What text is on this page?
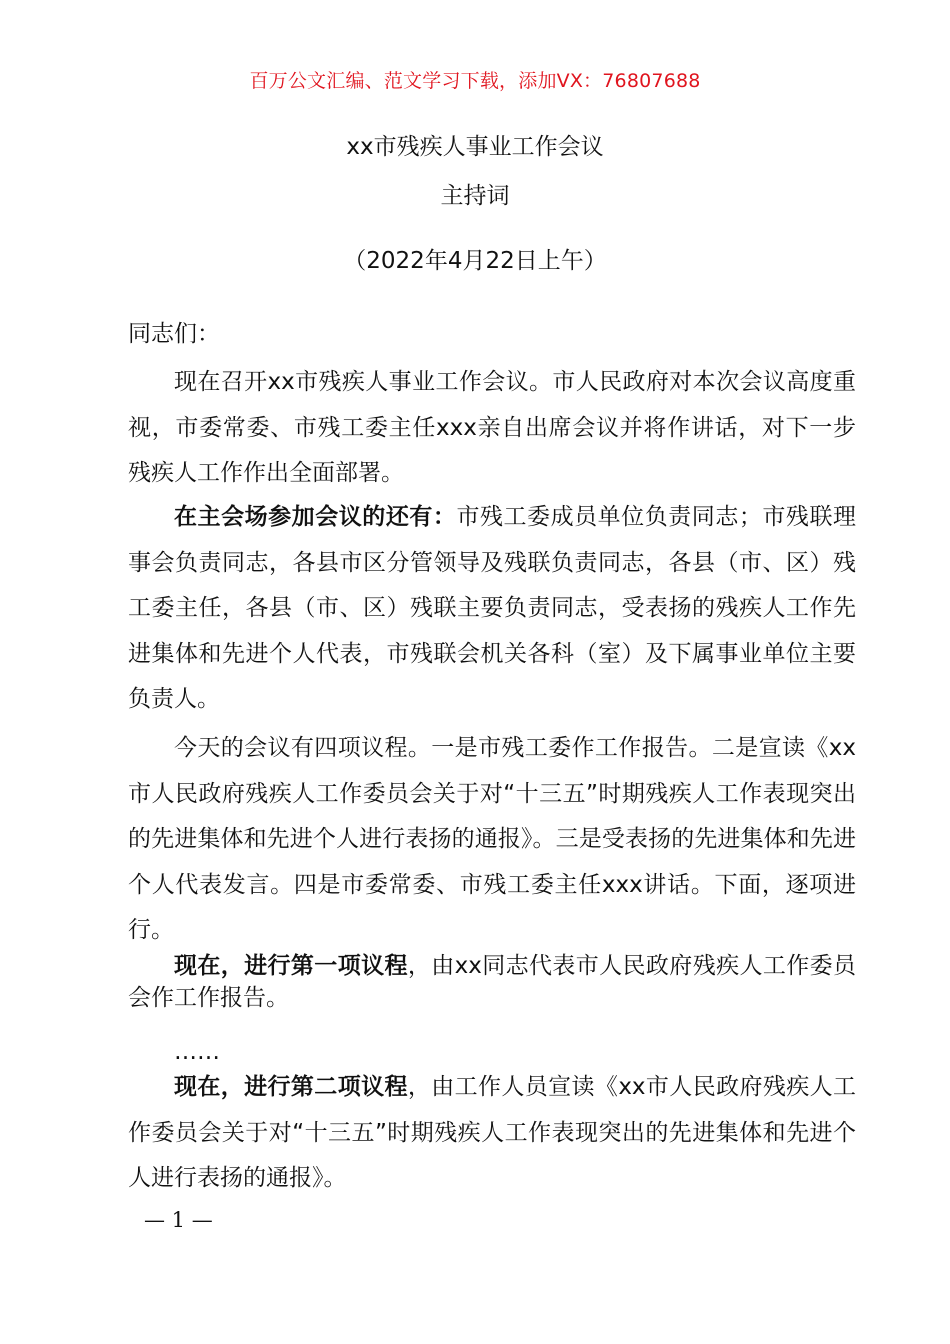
百万公文汇编、范文学习下载，添加VX：76807688
xx市残疾人事业工作会议
主持词
（2022年4月22日上午）

同志们：

现在召开xx市残疾人事业工作会议。市人民政府对本次会议高度重视，市委常委、市残工委主任xxx亲自出席会议并将作讲话，对下一步残疾人工作作出全面部署。

在主会场参加会议的还有：市残工委成员单位负责同志；市残联理事会负责同志，各县市区分管领导及残联负责同志，各县（市、区）残工委主任，各县（市、区）残联主要负责同志，受表扬的残疾人工作先进集体和先进个人代表，市残联会机关各科（室）及下属事业单位主要负责人。

今天的会议有四项议程。一是市残工委作工作报告。二是宣读《xx市人民政府残疾人工作委员会关于对“十三五”时期残疾人工作表现突出的先进集体和先进个人进行表扬的通报》。三是受表扬的先进集体和先进个人代表发言。四是市委常委、市残工委主任xxx讲话。下面，逐项进行。

现在，进行第一项议程，由xx同志代表市人民政府残疾人工作委员会作工作报告。

……

现在，进行第二项议程，由工作人员宣读《xx市人民政府残疾人工作委员会关于对“十三五”时期残疾人工作表现突出的先进集体和先进个人进行表扬的通报》。

— 1 —
